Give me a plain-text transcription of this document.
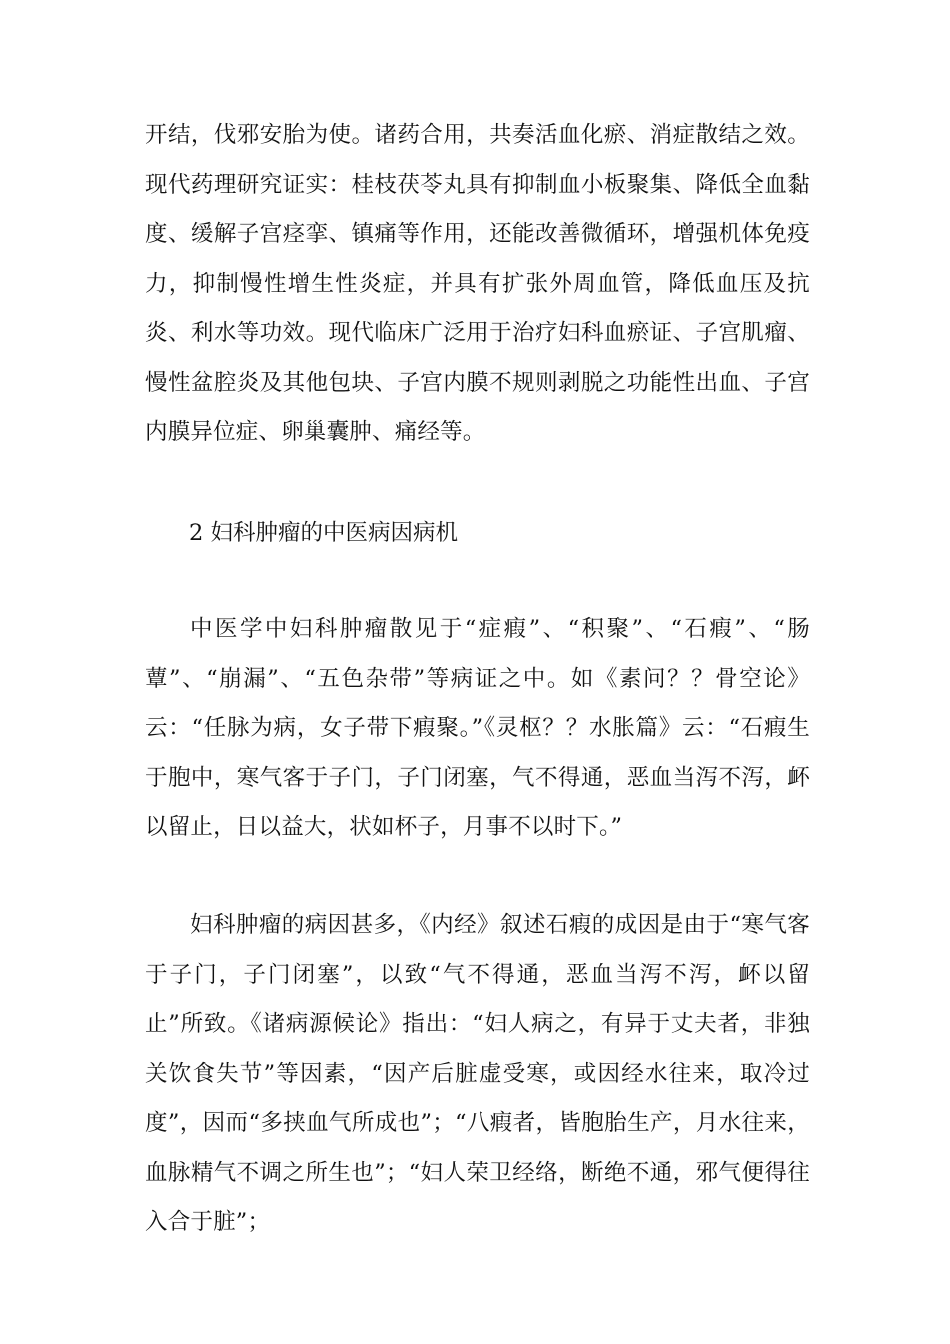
开结，伐邪安胎为使。诸药合用，共奏活血化瘀、消症散结之效。现代药理研究证实：桂枝茯苓丸具有抑制血小板聚集、降低全血黏度、缓解子宫痉挛、镇痛等作用，还能改善微循环，增强机体免疫力，抑制慢性增生性炎症，并具有扩张外周血管，降低血压及抗炎、利水等功效。现代临床广泛用于治疗妇科血瘀证、子宫肌瘤、慢性盆腔炎及其他包块、子宫内膜不规则剥脱之功能性出血、子宫内膜异位症、卵巢囊肿、痛经等。

2 妇科肿瘤的中医病因病机

中医学中妇科肿瘤散见于“症瘕”、“积聚”、“石瘕”、“肠蕈”、“崩漏”、“五色杂带”等病证之中。如《素问？？骨空论》云：“任脉为病，女子带下瘕聚。”《灵枢？？水胀篇》云：“石瘕生于胞中，寒气客于子门，子门闭塞，气不得通，恶血当泻不泻，衃以留止，日以益大，状如杯子，月事不以时下。”

妇科肿瘤的病因甚多，《内经》叙述石瘕的成因是由于“寒气客于子门，子门闭塞”，以致“气不得通，恶血当泻不泻，衃以留止”所致。《诸病源候论》指出：“妇人病之，有异于丈夫者，非独关饮食失节”等因素，“因产后脏虚受寒，或因经水往来，取冷过度”，因而“多挟血气所成也”；“八瘕者，皆胞胎生产，月水往来，血脉精气不调之所生也”；“妇人荣卫经络，断绝不通，邪气便得往入合于脏”；
